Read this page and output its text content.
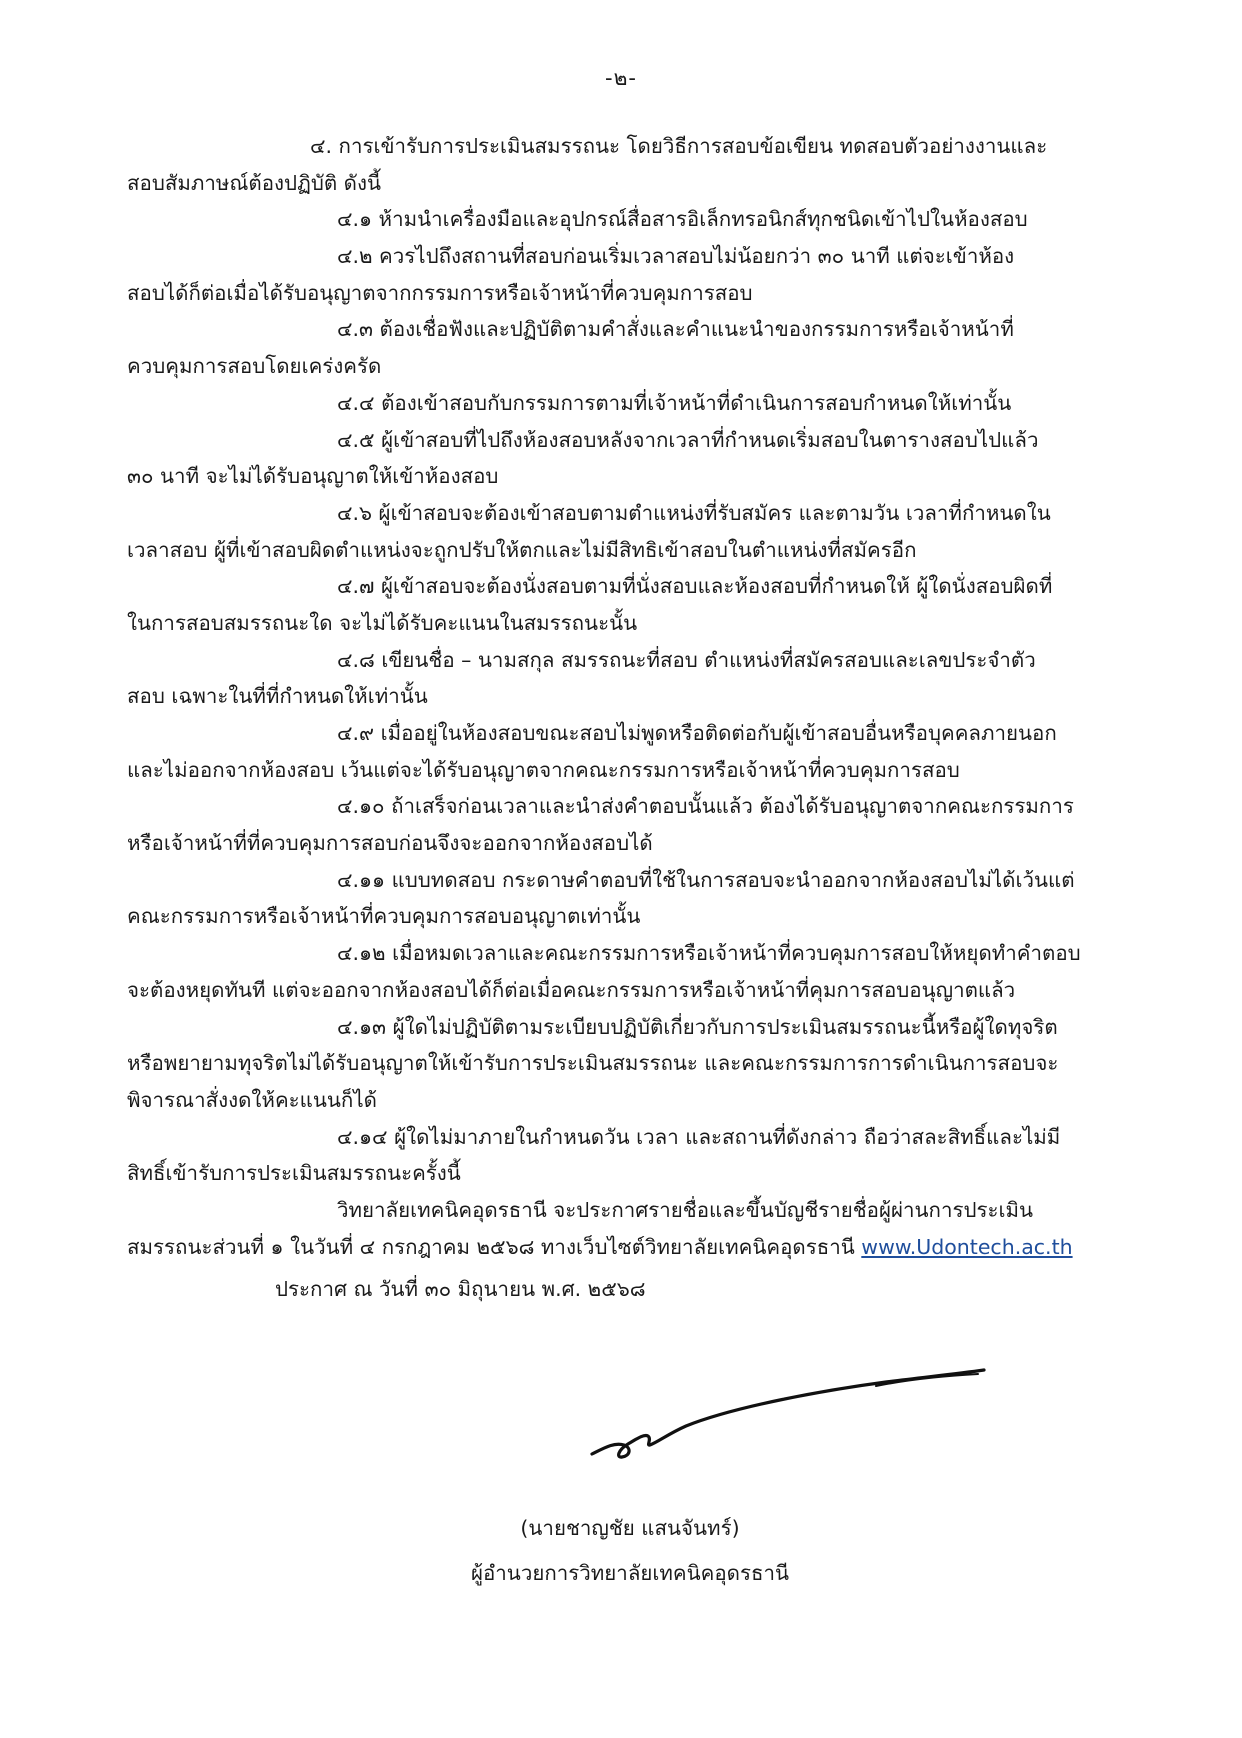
-๒-
๔. การเข้ารับการประเมินสมรรถนะ โดยวิธีการสอบข้อเขียน ทดสอบตัวอย่างงานและ
สอบสัมภาษณ์ต้องปฏิบัติ ดังนี้
๔.๑ ห้ามนำเครื่องมือและอุปกรณ์สื่อสารอิเล็กทรอนิกส์ทุกชนิดเข้าไปในห้องสอบ
๔.๒ ควรไปถึงสถานที่สอบก่อนเริ่มเวลาสอบไม่น้อยกว่า ๓๐ นาที แต่จะเข้าห้อง
สอบได้ก็ต่อเมื่อได้รับอนุญาตจากกรรมการหรือเจ้าหน้าที่ควบคุมการสอบ
๔.๓ ต้องเชื่อฟังและปฏิบัติตามคำสั่งและคำแนะนำของกรรมการหรือเจ้าหน้าที่
ควบคุมการสอบโดยเคร่งครัด
๔.๔ ต้องเข้าสอบกับกรรมการตามที่เจ้าหน้าที่ดำเนินการสอบกำหนดให้เท่านั้น
๔.๕ ผู้เข้าสอบที่ไปถึงห้องสอบหลังจากเวลาที่กำหนดเริ่มสอบในตารางสอบไปแล้ว
๓๐ นาที จะไม่ได้รับอนุญาตให้เข้าห้องสอบ
๔.๖ ผู้เข้าสอบจะต้องเข้าสอบตามตำแหน่งที่รับสมัคร และตามวัน เวลาที่กำหนดใน
เวลาสอบ ผู้ที่เข้าสอบผิดตำแหน่งจะถูกปรับให้ตกและไม่มีสิทธิเข้าสอบในตำแหน่งที่สมัครอีก
๔.๗ ผู้เข้าสอบจะต้องนั่งสอบตามที่นั่งสอบและห้องสอบที่กำหนดให้ ผู้ใดนั่งสอบผิดที่
ในการสอบสมรรถนะใด จะไม่ได้รับคะแนนในสมรรถนะนั้น
๔.๘ เขียนชื่อ – นามสกุล สมรรถนะที่สอบ ตำแหน่งที่สมัครสอบและเลขประจำตัว
สอบ เฉพาะในที่ที่กำหนดให้เท่านั้น
๔.๙ เมื่ออยู่ในห้องสอบขณะสอบไม่พูดหรือติดต่อกับผู้เข้าสอบอื่นหรือบุคคลภายนอก
และไม่ออกจากห้องสอบ เว้นแต่จะได้รับอนุญาตจากคณะกรรมการหรือเจ้าหน้าที่ควบคุมการสอบ
๔.๑๐ ถ้าเสร็จก่อนเวลาและนำส่งคำตอบนั้นแล้ว ต้องได้รับอนุญาตจากคณะกรรมการ
หรือเจ้าหน้าที่ที่ควบคุมการสอบก่อนจึงจะออกจากห้องสอบได้
๔.๑๑ แบบทดสอบ กระดาษคำตอบที่ใช้ในการสอบจะนำออกจากห้องสอบไม่ได้เว้นแต่
คณะกรรมการหรือเจ้าหน้าที่ควบคุมการสอบอนุญาตเท่านั้น
๔.๑๒ เมื่อหมดเวลาและคณะกรรมการหรือเจ้าหน้าที่ควบคุมการสอบให้หยุดทำคำตอบ
จะต้องหยุดทันที แต่จะออกจากห้องสอบได้ก็ต่อเมื่อคณะกรรมการหรือเจ้าหน้าที่คุมการสอบอนุญาตแล้ว
๔.๑๓ ผู้ใดไม่ปฏิบัติตามระเบียบปฏิบัติเกี่ยวกับการประเมินสมรรถนะนี้หรือผู้ใดทุจริต
หรือพยายามทุจริตไม่ได้รับอนุญาตให้เข้ารับการประเมินสมรรถนะ และคณะกรรมการการดำเนินการสอบจะ
พิจารณาสั่งงดให้คะแนนก็ได้
๔.๑๔ ผู้ใดไม่มาภายในกำหนดวัน เวลา และสถานที่ดังกล่าว ถือว่าสละสิทธิ์และไม่มี
สิทธิ์เข้ารับการประเมินสมรรถนะครั้งนี้
วิทยาลัยเทคนิคอุดรธานี จะประกาศรายชื่อและขึ้นบัญชีรายชื่อผู้ผ่านการประเมิน
สมรรถนะส่วนที่ ๑ ในวันที่ ๔ กรกฎาคม ๒๕๖๘ ทางเว็บไซต์วิทยาลัยเทคนิคอุดรธานี www.Udontech.ac.th
ประกาศ ณ วันที่ ๓๐ มิถุนายน พ.ศ. ๒๕๖๘
(นายชาญชัย แสนจันทร์)
ผู้อำนวยการวิทยาลัยเทคนิคอุดรธานี
